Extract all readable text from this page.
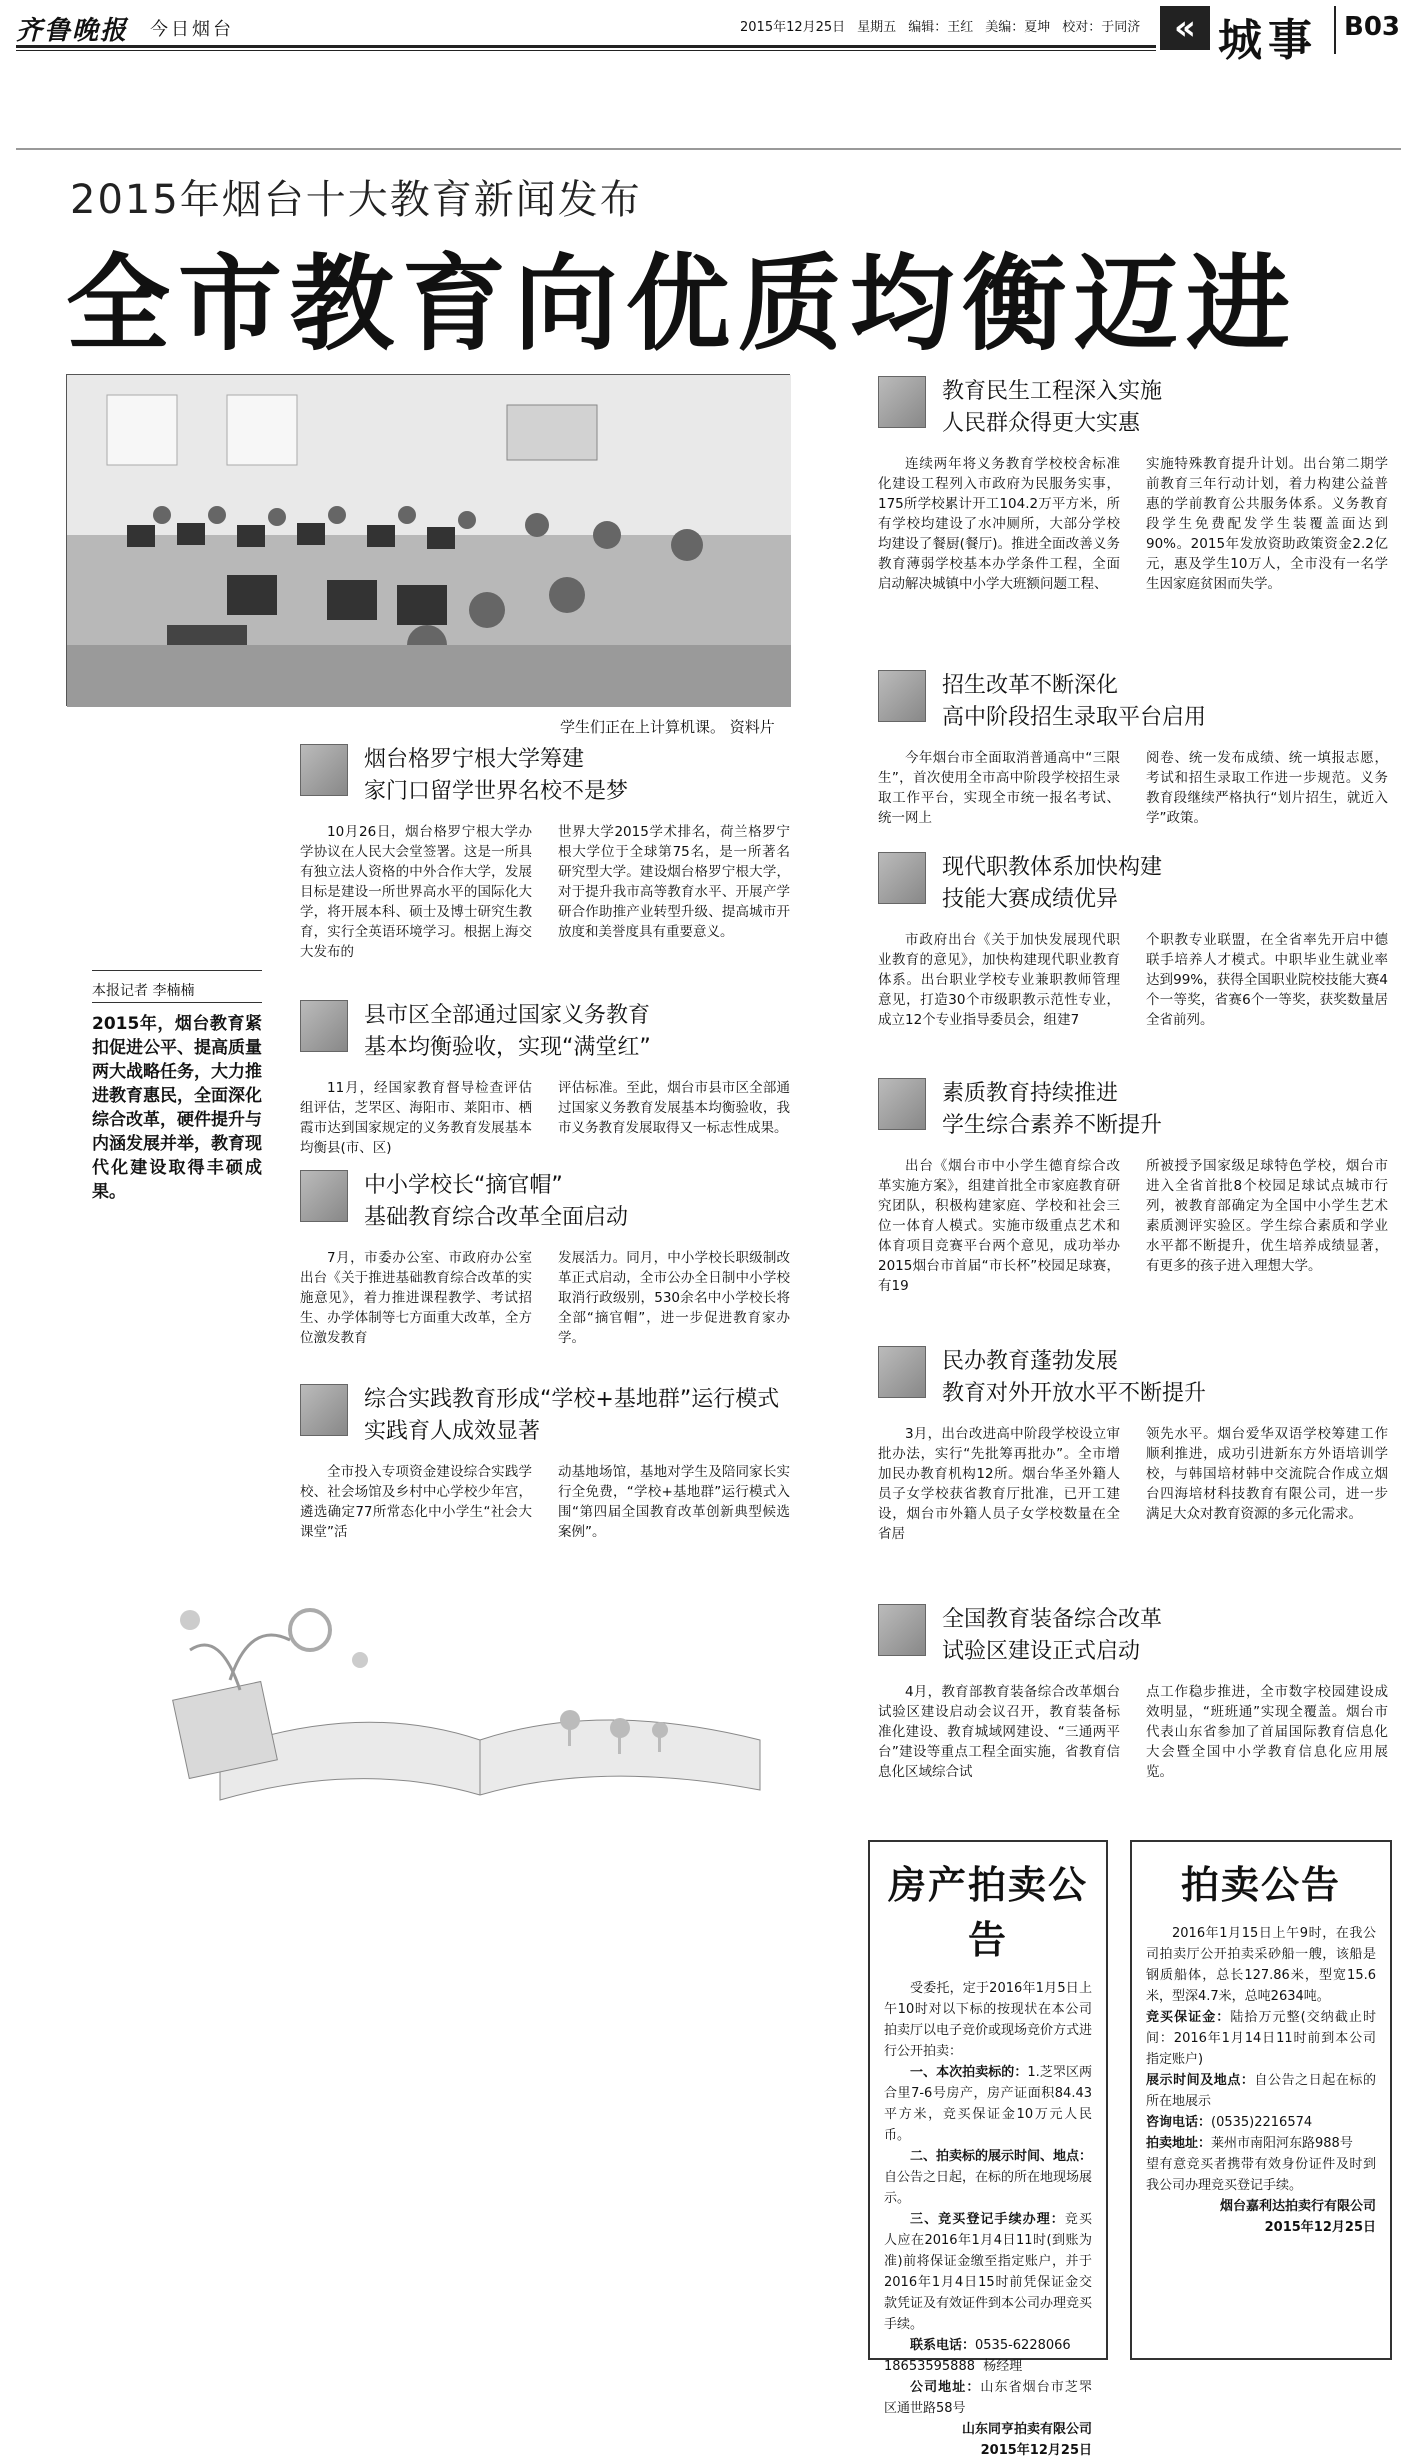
齐鲁晚报 今日烟台	2015年12月25日 星期五 编辑：王红 美编：夏坤 校对：于同济 « 城事 B03
2015年烟台十大教育新闻发布
全市教育向优质均衡迈进
学生们正在上计算机课。 资料片
本报记者 李楠楠
2015年，烟台教育紧扣促进公平、提高质量两大战略任务，大力推进教育惠民，全面深化综合改革，硬件提升与内涵发展并举，教育现代化建设取得丰硕成果。
烟台格罗宁根大学筹建
家门口留学世界名校不是梦

10月26日，烟台格罗宁根大学办学协议在人民大会堂签署。这是一所具有独立法人资格的中外合作大学，发展目标是建设一所世界高水平的国际化大学，将开展本科、硕士及博士研究生教育，实行全英语环境学习。根据上海交大发布的

世界大学2015学术排名，荷兰格罗宁根大学位于全球第75名，是一所著名研究型大学。建设烟台格罗宁根大学，对于提升我市高等教育水平、开展产学研合作助推产业转型升级、提高城市开放度和美誉度具有重要意义。

县市区全部通过国家义务教育
基本均衡验收，实现“满堂红”

11月，经国家教育督导检查评估组评估，芝罘区、海阳市、莱阳市、栖霞市达到国家规定的义务教育发展基本均衡县(市、区)

评估标准。至此，烟台市县市区全部通过国家义务教育发展基本均衡验收，我市义务教育发展取得又一标志性成果。

中小学校长“摘官帽”
基础教育综合改革全面启动

7月，市委办公室、市政府办公室出台《关于推进基础教育综合改革的实施意见》，着力推进课程教学、考试招生、办学体制等七方面重大改革，全方位激发教育

发展活力。同月，中小学校长职级制改革正式启动，全市公办全日制中小学校取消行政级别，530余名中小学校长将全部“摘官帽”，进一步促进教育家办学。

综合实践教育形成“学校+基地群”运行模式
实践育人成效显著

全市投入专项资金建设综合实践学校、社会场馆及乡村中心学校少年宫，遴选确定77所常态化中小学生“社会大课堂”活

动基地场馆，基地对学生及陪同家长实行全免费，“学校+基地群”运行模式入围“第四届全国教育改革创新典型候选案例”。

教育民生工程深入实施
人民群众得更大实惠

连续两年将义务教育学校校舍标准化建设工程列入市政府为民服务实事，175所学校累计开工104.2万平方米，所有学校均建设了水冲厕所，大部分学校均建设了餐厨(餐厅)。推进全面改善义务教育薄弱学校基本办学条件工程，全面启动解决城镇中小学大班额问题工程、

实施特殊教育提升计划。出台第二期学前教育三年行动计划，着力构建公益普惠的学前教育公共服务体系。义务教育段学生免费配发学生装覆盖面达到90%。2015年发放资助政策资金2.2亿元，惠及学生10万人，全市没有一名学生因家庭贫困而失学。

招生改革不断深化
高中阶段招生录取平台启用

今年烟台市全面取消普通高中“三限生”，首次使用全市高中阶段学校招生录取工作平台，实现全市统一报名考试、统一网上

阅卷、统一发布成绩、统一填报志愿，考试和招生录取工作进一步规范。义务教育段继续严格执行“划片招生，就近入学”政策。

现代职教体系加快构建
技能大赛成绩优异

市政府出台《关于加快发展现代职业教育的意见》，加快构建现代职业教育体系。出台职业学校专业兼职教师管理意见，打造30个市级职教示范性专业，成立12个专业指导委员会，组建7

个职教专业联盟，在全省率先开启中德联手培养人才模式。中职毕业生就业率达到99%，获得全国职业院校技能大赛4个一等奖，省赛6个一等奖，获奖数量居全省前列。

素质教育持续推进
学生综合素养不断提升

出台《烟台市中小学生德育综合改革实施方案》，组建首批全市家庭教育研究团队，积极构建家庭、学校和社会三位一体育人模式。实施市级重点艺术和体育项目竞赛平台两个意见，成功举办2015烟台市首届“市长杯”校园足球赛，有19

所被授予国家级足球特色学校，烟台市进入全省首批8个校园足球试点城市行列，被教育部确定为全国中小学生艺术素质测评实验区。学生综合素质和学业水平都不断提升，优生培养成绩显著，有更多的孩子进入理想大学。

民办教育蓬勃发展
教育对外开放水平不断提升

3月，出台改进高中阶段学校设立审批办法，实行“先批筹再批办”。全市增加民办教育机构12所。烟台华圣外籍人员子女学校获省教育厅批准，已开工建设，烟台市外籍人员子女学校数量在全省居

领先水平。烟台爱华双语学校筹建工作顺利推进，成功引进新东方外语培训学校，与韩国培材韩中交流院合作成立烟台四海培材科技教育有限公司，进一步满足大众对教育资源的多元化需求。

全国教育装备综合改革
试验区建设正式启动

4月，教育部教育装备综合改革烟台试验区建设启动会议召开，教育装备标准化建设、教育城域网建设、“三通两平台”建设等重点工程全面实施，省教育信息化区域综合试

点工作稳步推进，全市数字校园建设成效明显，“班班通”实现全覆盖。烟台市代表山东省参加了首届国际教育信息化大会暨全国中小学教育信息化应用展览。

房产拍卖公告

受委托，定于2016年1月5日上午10时对以下标的按现状在本公司拍卖厅以电子竞价或现场竞价方式进行公开拍卖：

一、本次拍卖标的：1.芝罘区两合里7-6号房产，房产证面积84.43平方米，竞买保证金10万元人民币。

二、拍卖标的展示时间、地点：自公告之日起，在标的所在地现场展示。

三、竞买登记手续办理：竞买人应在2016年1月4日11时(到账为准)前将保证金缴至指定账户，并于2016年1月4日15时前凭保证金交款凭证及有效证件到本公司办理竞买手续。

联系电话：0535-6228066
18653595888 杨经理

公司地址：山东省烟台市芝罘区通世路58号

山东同亨拍卖有限公司

2015年12月25日

拍卖公告

2016年1月15日上午9时，在我公司拍卖厅公开拍卖采砂船一艘，该船是钢质船体，总长127.86米，型宽15.6米，型深4.7米，总吨2634吨。

竞买保证金：陆拾万元整(交纳截止时间：2016年1月14日11时前到本公司指定账户)

展示时间及地点：自公告之日起在标的所在地展示

咨询电话：(0535)2216574

拍卖地址：莱州市南阳河东路988号

望有意竞买者携带有效身份证件及时到我公司办理竞买登记手续。

烟台嘉利达拍卖行有限公司

2015年12月25日
